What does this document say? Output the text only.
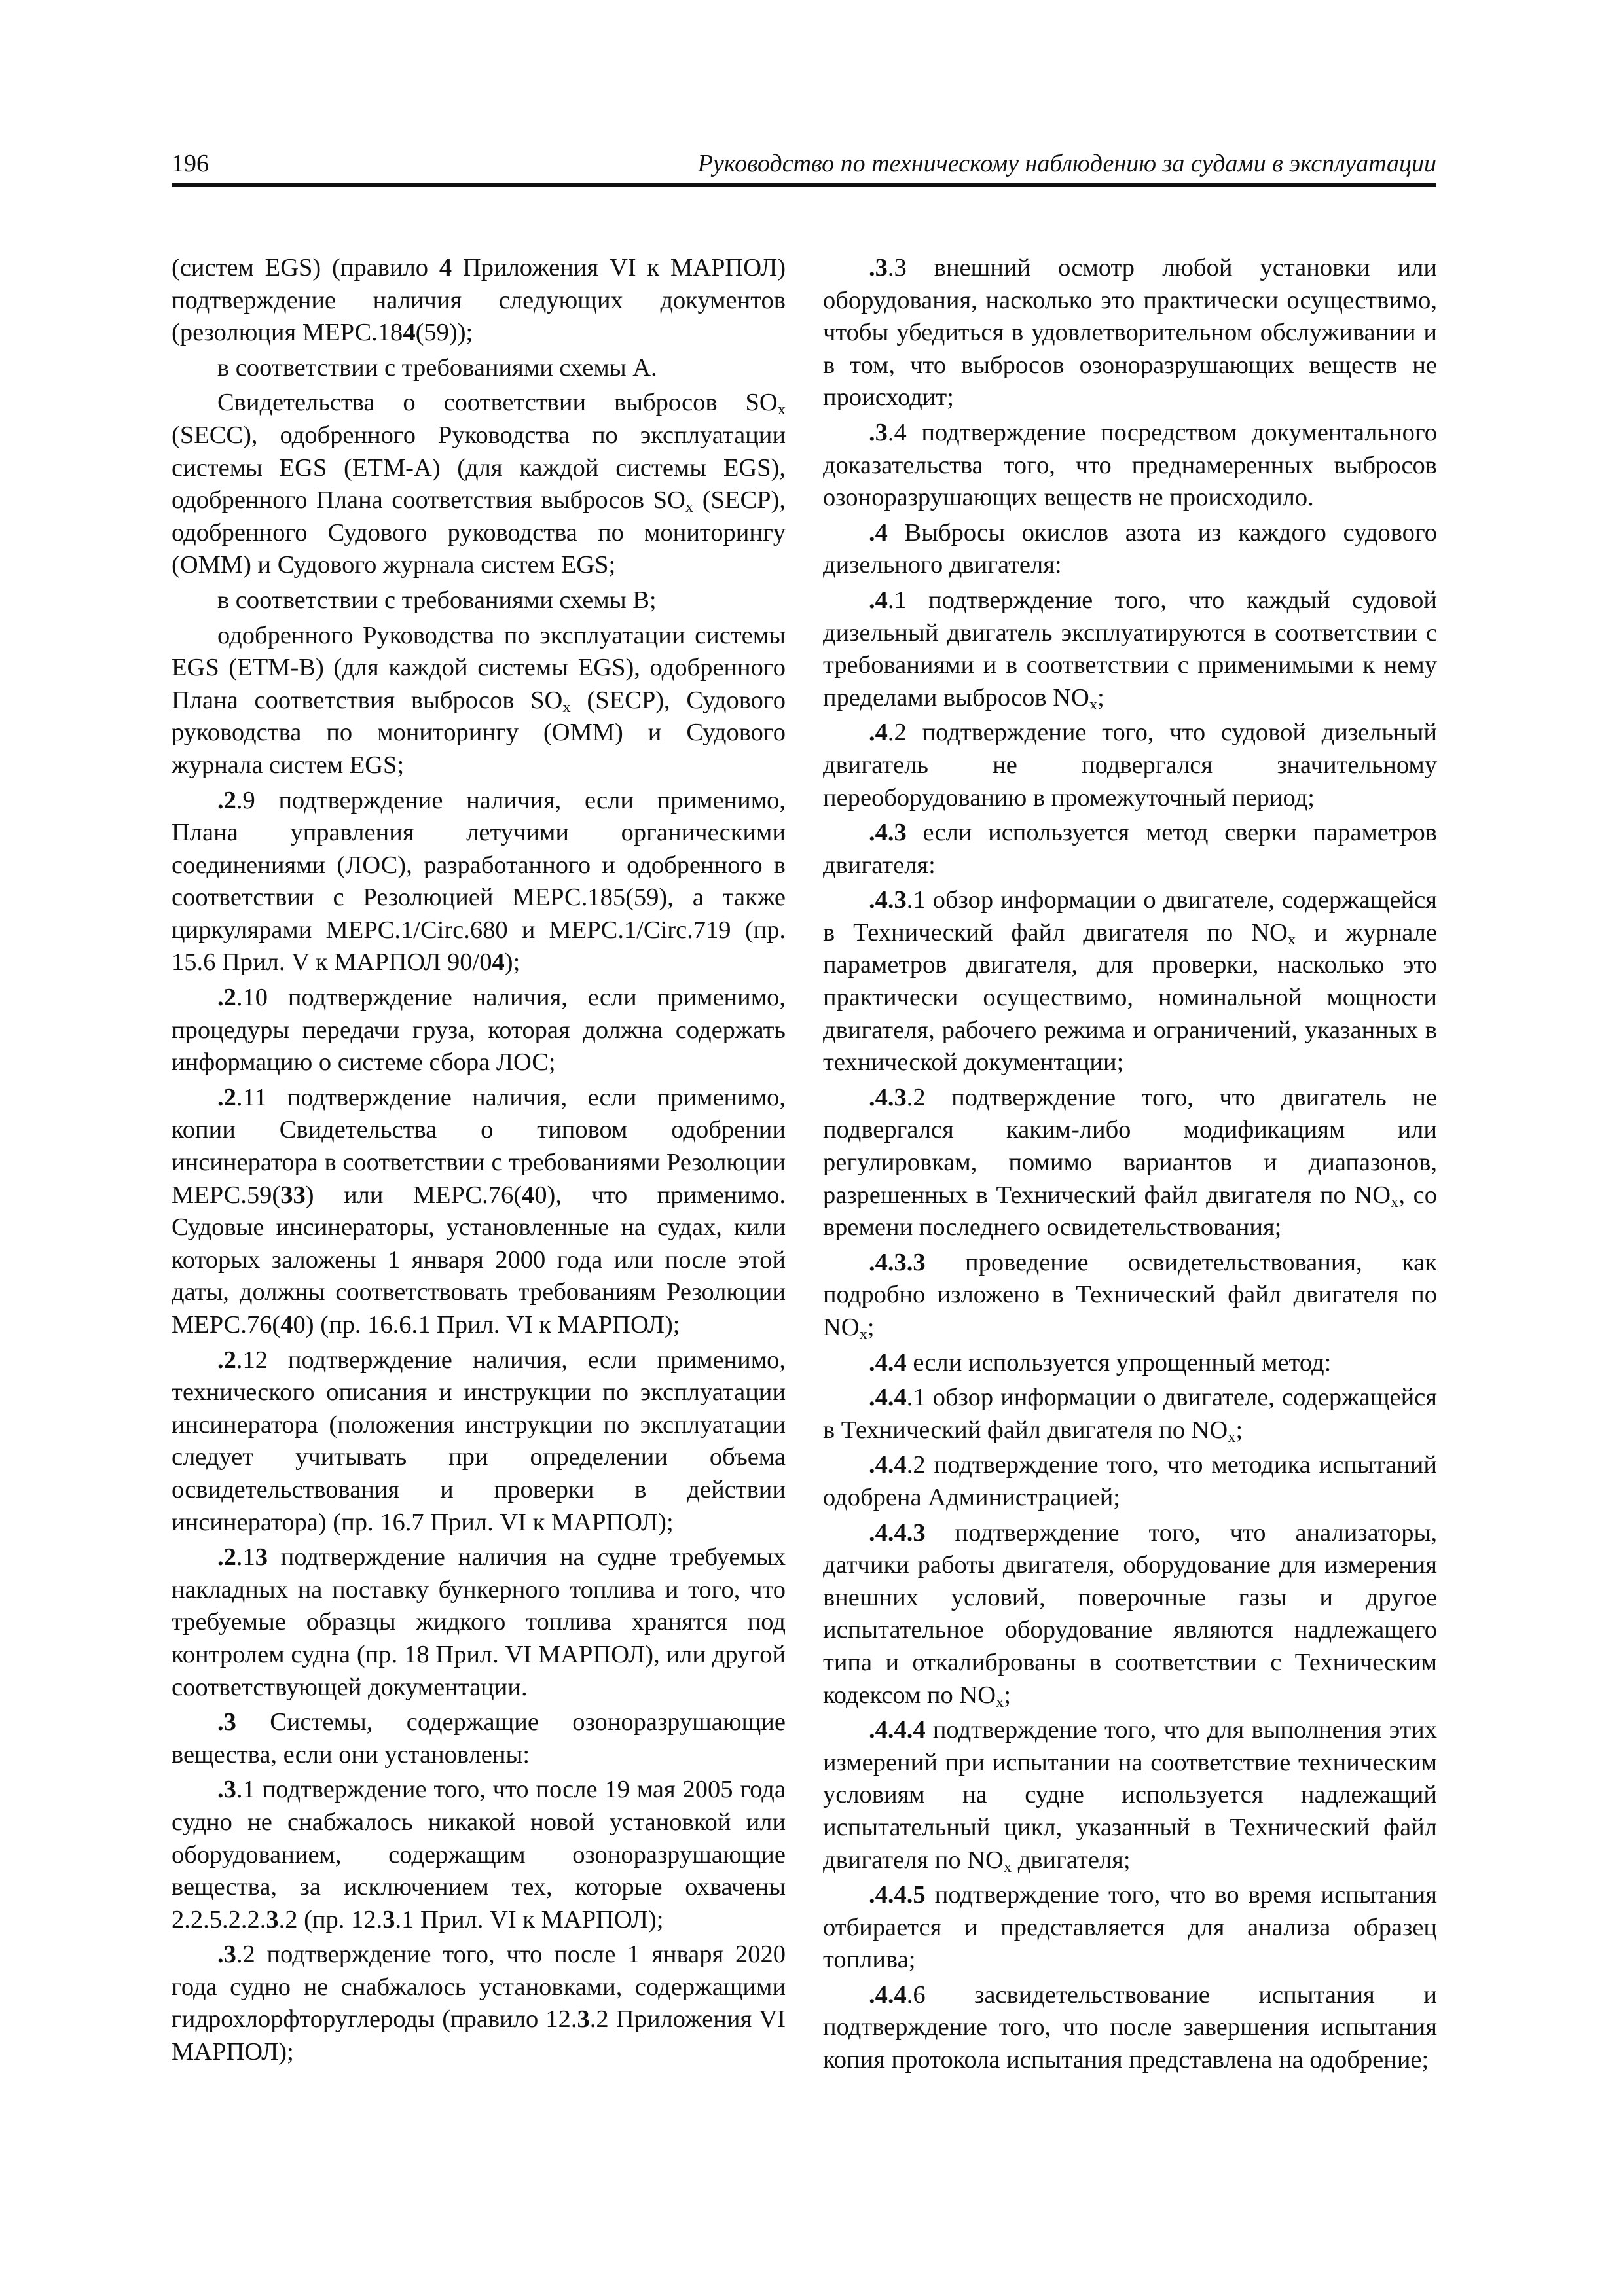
196	Руководство по техническому наблюдению за судами в эксплуатации

(систем EGS) (правило 4 Приложения VI к МАРПОЛ) подтверждение наличия следующих документов (резолюция МЕРС.184(59));

в соответствии с требованиями схемы А.

Свидетельства о соответствии выбросов $SO_x$ (SECC), одобренного Руководства по эксплуатации системы EGS (ETM-A) (для каждой системы EGS), одобренного Плана соответствия выбросов $SO_x$ (SECP), одобренного Судового руководства по мониторингу (OMM) и Судового журнала систем EGS;

в соответствии с требованиями схемы В;

одобренного Руководства по эксплуатации системы EGS (ETM-B) (для каждой системы EGS), одобренного Плана соответствия выбросов $SO_x$ (SECP), Судового руководства по мониторингу (OMM) и Судового журнала систем EGS;

.2.9 подтверждение наличия, если применимо, Плана управления летучими органическими соединениями (ЛОС), разработанного и одобренного в соответствии с Резолюцией МЕРС.185(59), а также циркулярами MEPC.1/Circ.680 и MEPC.1/Circ.719 (пр. 15.6 Прил. V к МАРПОЛ 90/04);

.2.10 подтверждение наличия, если применимо, процедуры передачи груза, которая должна содержать информацию о системе сбора ЛОС;

.2.11 подтверждение наличия, если применимо, копии Свидетельства о типовом одобрении инсинератора в соответствии с требованиями Резолюции МЕРС.59(33) или МЕРС.76(40), что применимо. Судовые инсинераторы, установленные на судах, кили которых заложены 1 января 2000 года или после этой даты, должны соответствовать требованиям Резолюции МЕРС.76(40) (пр. 16.6.1 Прил. VI к МАРПОЛ);

.2.12 подтверждение наличия, если применимо, технического описания и инструкции по эксплуатации инсинератора (положения инструкции по эксплуатации следует учитывать при определении объема освидетельствования и проверки в действии инсинератора) (пр. 16.7 Прил. VI к МАРПОЛ);

.2.13 подтверждение наличия на судне требуемых накладных на поставку бункерного топлива и того, что требуемые образцы жидкого топлива хранятся под контролем судна (пр. 18 Прил. VI МАРПОЛ), или другой соответствующей документации.

.3 Системы, содержащие озоноразрушающие вещества, если они установлены:

.3.1 подтверждение того, что после 19 мая 2005 года судно не снабжалось никакой новой установкой или оборудованием, содержащим озоноразрушающие вещества, за исключением тех, которые охвачены 2.2.5.2.2.3.2 (пр. 12.3.1 Прил. VI к МАРПОЛ);

.3.2 подтверждение того, что после 1 января 2020 года судно не снабжалось установками, содержащими гидрохлорфторуглероды (правило 12.3.2 Приложения VI МАРПОЛ);

.3.3 внешний осмотр любой установки или оборудования, насколько это практически осуществимо, чтобы убедиться в удовлетворительном обслуживании и в том, что выбросов озоноразрушающих веществ не происходит;

.3.4 подтверждение посредством документального доказательства того, что преднамеренных выбросов озоноразрушающих веществ не происходило.

.4 Выбросы окислов азота из каждого судового дизельного двигателя:

.4.1 подтверждение того, что каждый судовой дизельный двигатель эксплуатируются в соответствии с требованиями и в соответствии с применимыми к нему пределами выбросов $NO_x$;

.4.2 подтверждение того, что судовой дизельный двигатель не подвергался значительному переоборудованию в промежуточный период;

.4.3 если используется метод сверки параметров двигателя:

.4.3.1 обзор информации о двигателе, содержащейся в Технический файл двигателя по $NO_x$ и журнале параметров двигателя, для проверки, насколько это практически осуществимо, номинальной мощности двигателя, рабочего режима и ограничений, указанных в технической документации;

.4.3.2 подтверждение того, что двигатель не подвергался каким-либо модификациям или регулировкам, помимо вариантов и диапазонов, разрешенных в Технический файл двигателя по $NO_x$, со времени последнего освидетельствования;

.4.3.3 проведение освидетельствования, как подробно изложено в Технический файл двигателя по $NO_x$;

.4.4 если используется упрощенный метод:

.4.4.1 обзор информации о двигателе, содержащейся в Технический файл двигателя по $NO_x$;

.4.4.2 подтверждение того, что методика испытаний одобрена Администрацией;

.4.4.3 подтверждение того, что анализаторы, датчики работы двигателя, оборудование для измерения внешних условий, поверочные газы и другое испытательное оборудование являются надлежащего типа и откалиброваны в соответствии с Техническим кодексом по $NO_x$;

.4.4.4 подтверждение того, что для выполнения этих измерений при испытании на соответствие техническим условиям на судне используется надлежащий испытательный цикл, указанный в Технический файл двигателя по $NO_x$ двигателя;

.4.4.5 подтверждение того, что во время испытания отбирается и представляется для анализа образец топлива;

.4.4.6 засвидетельствование испытания и подтверждение того, что после завершения испытания копия протокола испытания представлена на одобрение;
